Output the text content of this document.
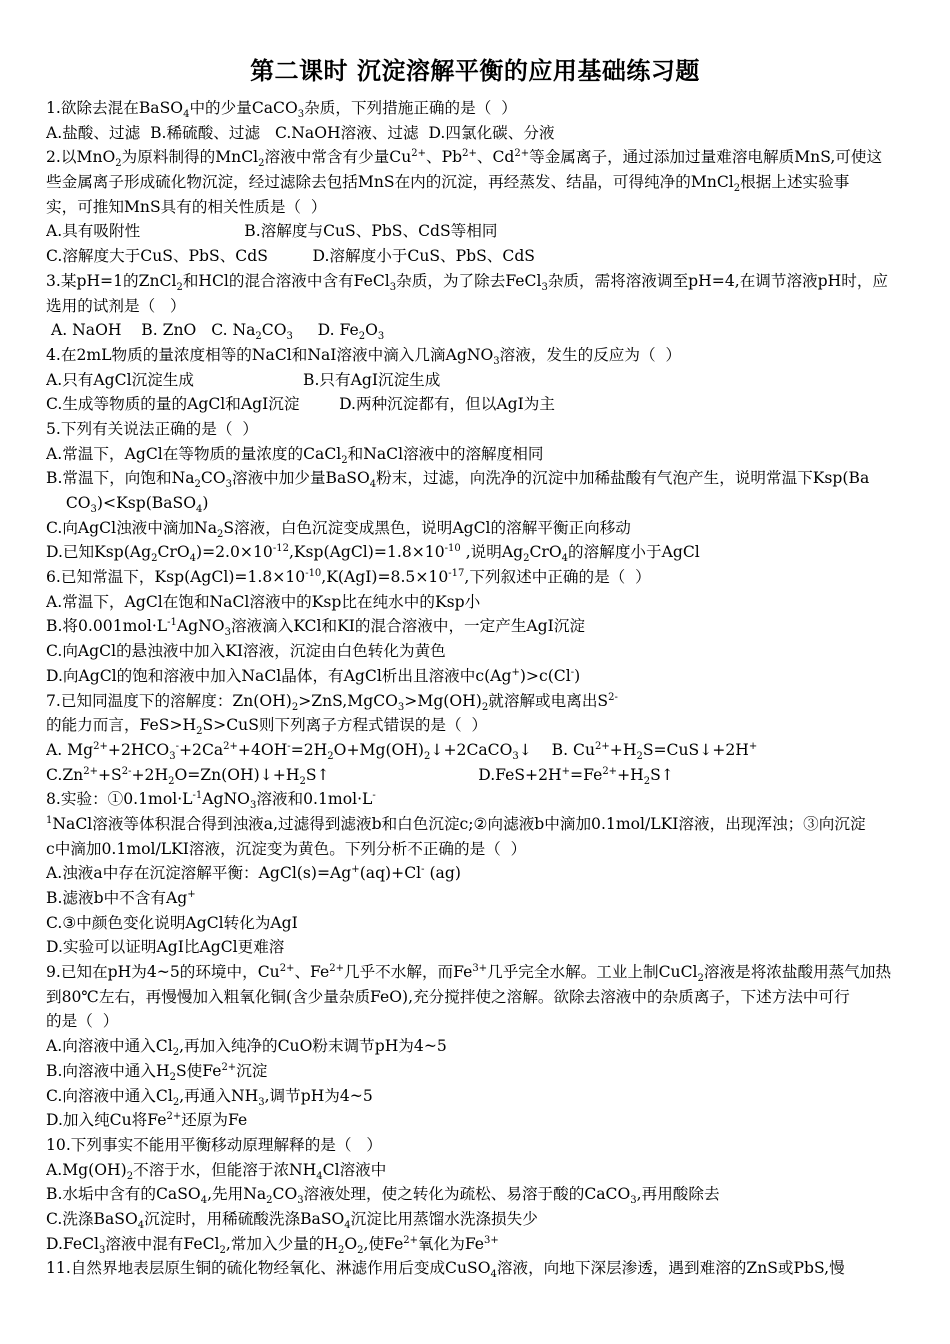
第二课时 沉淀溶解平衡的应用基础练习题
1.欲除去混在BaSO$_4$中的少量CaCO$_3$杂质，下列措施正确的是（  ）
A.盐酸、过滤  B.稀硫酸、过滤   C.NaOH溶液、过滤  D.四氯化碳、分液
2.以MnO$_2$为原料制得的MnCl$_2$溶液中常含有少量$Cu^{2+}$、$Pb^{2+}$、$Cd^{2+}$等金属离子，通过添加过量难溶电解质MnS,可使这
些金属离子形成硫化物沉淀，经过滤除去包括MnS在内的沉淀，再经蒸发、结晶，可得纯净的MnCl$_2$根据上述实验事
实，可推知MnS具有的相关性质是（  ）
A.具有吸附性                     B.溶解度与CuS、PbS、CdS等相同
C.溶解度大于CuS、PbS、CdS         D.溶解度小于CuS、PbS、CdS
3.某pH=1的ZnCl$_2$和HCl的混合溶液中含有FeCl$_3$杂质，为了除去FeCl$_3$杂质，需将溶液调至pH=4,在调节溶液pH时，应
选用的试剂是（   ）
A. NaOH    B. ZnO   C. $Na_2CO_3$     D. $Fe_2O_3$
4.在2mL物质的量浓度相等的NaCl和NaI溶液中滴入几滴AgNO$_3$溶液，发生的反应为（  ）
A.只有AgCl沉淀生成                      B.只有AgI沉淀生成
C.生成等物质的量的AgCl和AgI沉淀        D.两种沉淀都有，但以AgI为主
5.下列有关说法正确的是（  ）
A.常温下，AgCl在等物质的量浓度的CaCl$_2$和NaCl溶液中的溶解度相同
B.常温下，向饱和$Na_2CO_3$溶液中加少量BaSO$_4$粉末，过滤，向洗净的沉淀中加稀盐酸有气泡产生，说明常温下Ksp(Ba
$CO_3)<Ksp(BaSO_4)$
C.向AgCl浊液中滴加$Na_2S$溶液，白色沉淀变成黑色，说明AgCl的溶解平衡正向移动
D.已知$Ksp(Ag_2CrO_4)=2.0\times 10^{-12},Ksp(AgCl)=1.8\times 10^{-10}$ ,说明$Ag_2CrO_4$的溶解度小于AgCl
6.已知常温下，$Ksp(AgCl)=1.8\times 10^{-10},K(AgI)=8.5\times 10^{-17}$,下列叙述中正确的是（  ）
A.常温下，AgCl在饱和NaCl溶液中的Ksp比在纯水中的Ksp小
B.将$0.001mol\cdot L^{-1}AgNO_3$溶液滴入KCl和KI的混合溶液中，一定产生AgI沉淀
C.向AgCl的悬浊液中加入KI溶液，沉淀由白色转化为黄色
D.向AgCl的饱和溶液中加入NaCl晶体，有AgCl析出且溶液中c(Ag+)>c(Cl-)
7.已知同温度下的溶解度：$Zn(OH)_2>ZnS,MgCO_3>Mg(OH)_2$就溶解或电离出$S^{2-}$
的能力而言，$FeS>H_2S>CuS$则下列离子方程式错误的是（  ）
A. $Mg^{2+}+2HCO_3^-+2Ca^{2+}+4OH^-=2H_2O+Mg(OH)_2↓+2CaCO_3↓$    B. $Cu^{2+}+H_2S=CuS↓+2H^+$
$C.Zn^{2+}+S^{2-}+2H_2O=Zn(OH)↓+H_2S↑$                              $D.FeS+2H^+=Fe^{2+}+H_2S↑$
8.实验：$①0.1mol\cdot L^{-1}AgNO_3$溶液和0.1mol·L-
$^1$NaCl溶液等体积混合得到浊液a,过滤得到滤液b和白色沉淀c;②向滤液b中滴加0.1mol/LKI溶液，出现浑浊；③向沉淀
c中滴加0.1mol/LKI溶液，沉淀变为黄色。下列分析不正确的是（  ）
A.浊液a中存在沉淀溶解平衡：AgCl(s)=Ag+(aq)+Cl- (ag)
B.滤液b中不含有Ag+
C.③中颜色变化说明AgCl转化为AgI
D.实验可以证明AgI比AgCl更难溶
9.已知在pH为4~5的环境中，$Cu^{2+}$、$Fe^{2+}$几乎不水解，而$Fe^{3+}$几乎完全水解。工业上制CuCl$_2$溶液是将浓盐酸用蒸气加热
到80℃左右，再慢慢加入粗氧化铜(含少量杂质FeO),充分搅拌使之溶解。欲除去溶液中的杂质离子，下述方法中可行
的是（  ）
A.向溶液中通入$Cl_2$,再加入纯净的CuO粉末调节pH为4~5
B.向溶液中通入$H_2S$使$Fe^{2+}$沉淀
C.向溶液中通入$Cl_2$,再通入$NH_3$,调节pH为4~5
D.加入纯Cu将$Fe^{2+}$还原为Fe
10.下列事实不能用平衡移动原理解释的是（   ）
$A.Mg(OH)_2$不溶于水，但能溶于浓$NH_4Cl$溶液中
B.水垢中含有的CaSO$_4$,先用$Na_2CO_3$溶液处理，使之转化为疏松、易溶于酸的CaCO$_3$,再用酸除去
C.洗涤BaSO$_4$沉淀时，用稀硫酸洗涤BaSO$_4$沉淀比用蒸馏水洗涤损失少
D.FeCl$_3$溶液中混有FeCl$_2$,常加入少量的$H_2O_2$,使$Fe^{2+}$氧化为$Fe^{3+}$
11.自然界地表层原生铜的硫化物经氧化、淋滤作用后变成CuSO$_4$溶液，向地下深层渗透，遇到难溶的ZnS或PbS,慢
